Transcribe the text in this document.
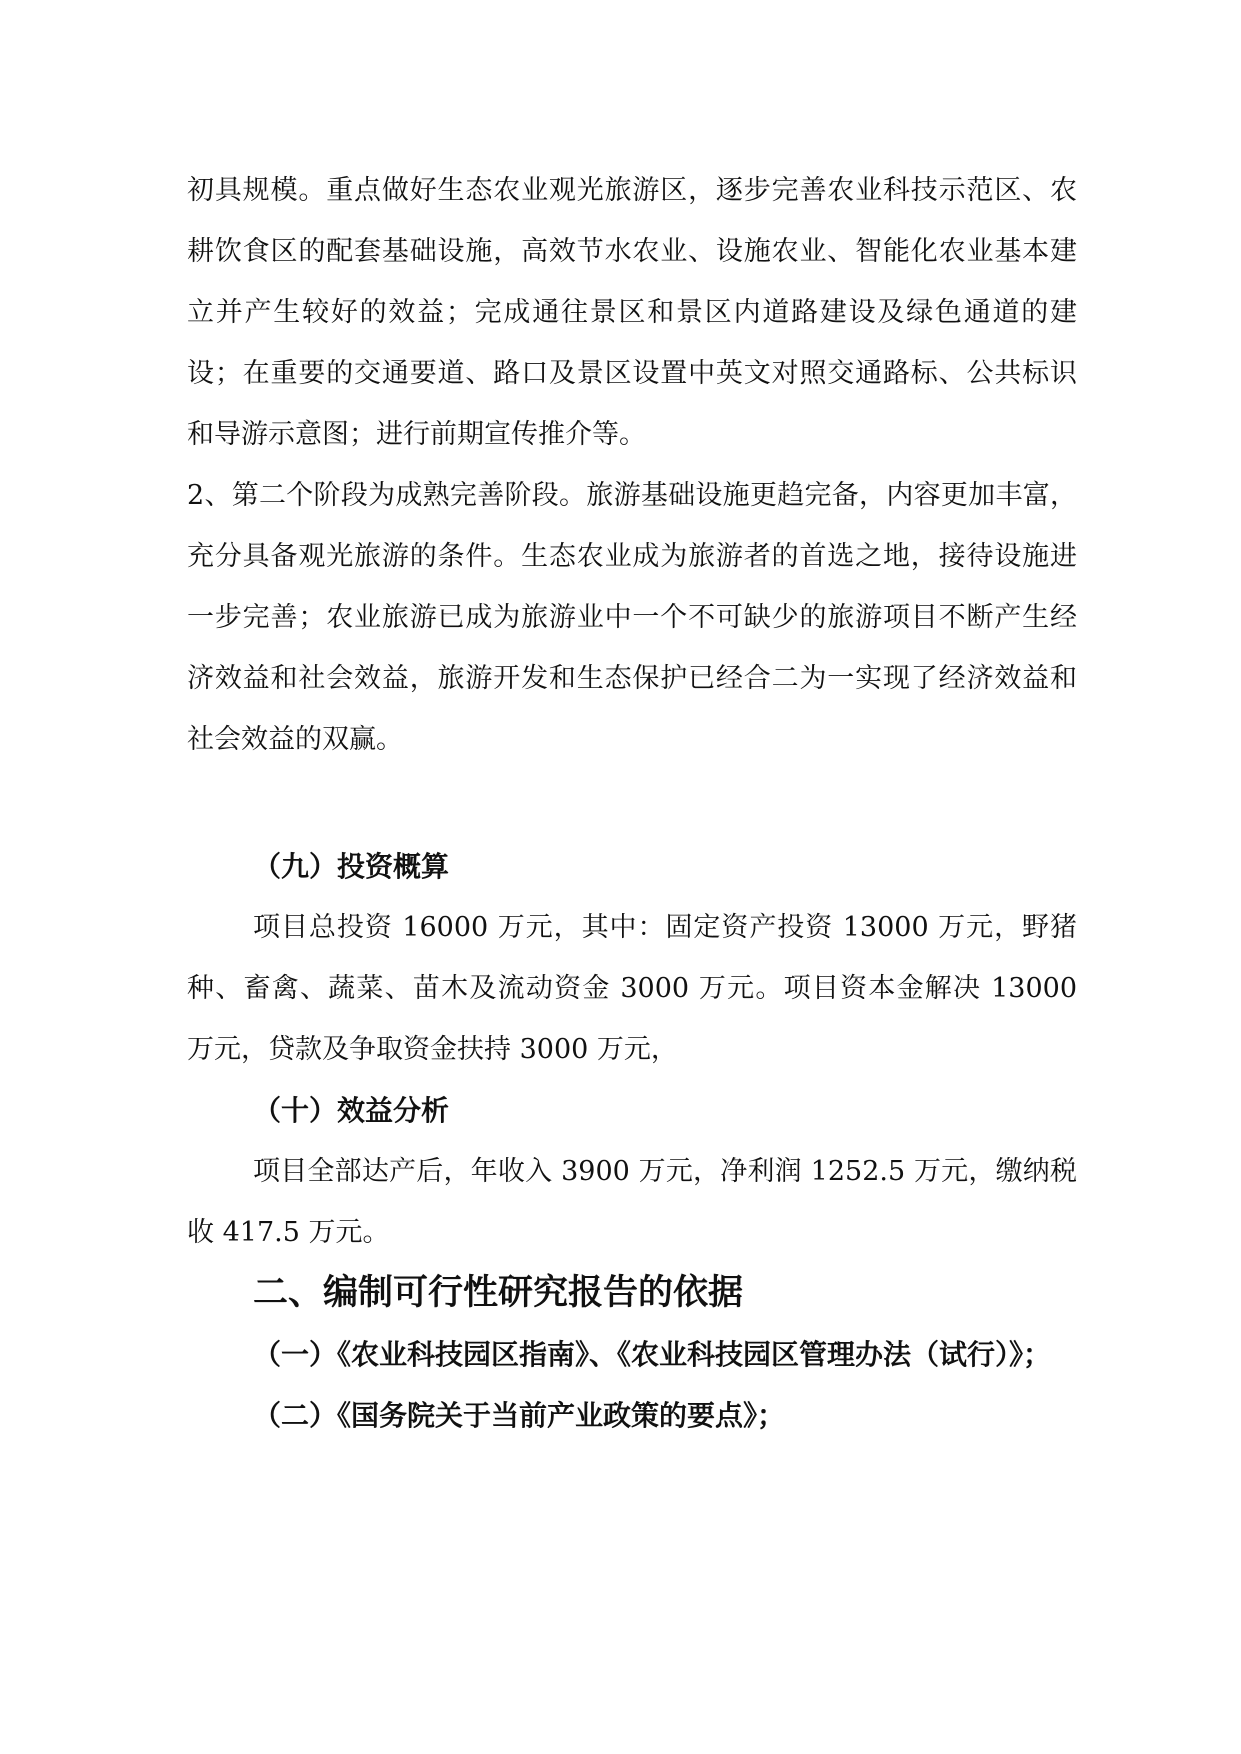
初具规模。重点做好生态农业观光旅游区，逐步完善农业科技示范区、农耕饮食区的配套基础设施，高效节水农业、设施农业、智能化农业基本建立并产生较好的效益；完成通往景区和景区内道路建设及绿色通道的建设；在重要的交通要道、路口及景区设置中英文对照交通路标、公共标识和导游示意图；进行前期宣传推介等。

2、第二个阶段为成熟完善阶段。旅游基础设施更趋完备，内容更加丰富，充分具备观光旅游的条件。生态农业成为旅游者的首选之地，接待设施进一步完善；农业旅游已成为旅游业中一个不可缺少的旅游项目不断产生经济效益和社会效益，旅游开发和生态保护已经合二为一实现了经济效益和社会效益的双赢。

（九）投资概算

项目总投资 16000 万元，其中：固定资产投资 13000 万元，野猪种、畜禽、蔬菜、苗木及流动资金 3000 万元。项目资本金解决 13000 万元，贷款及争取资金扶持 3000 万元，

（十）效益分析

项目全部达产后，年收入 3900 万元，净利润 1252.5 万元，缴纳税收 417.5 万元。

二、编制可行性研究报告的依据

（一）《农业科技园区指南》、《农业科技园区管理办法（试行）》；

（二）《国务院关于当前产业政策的要点》；
